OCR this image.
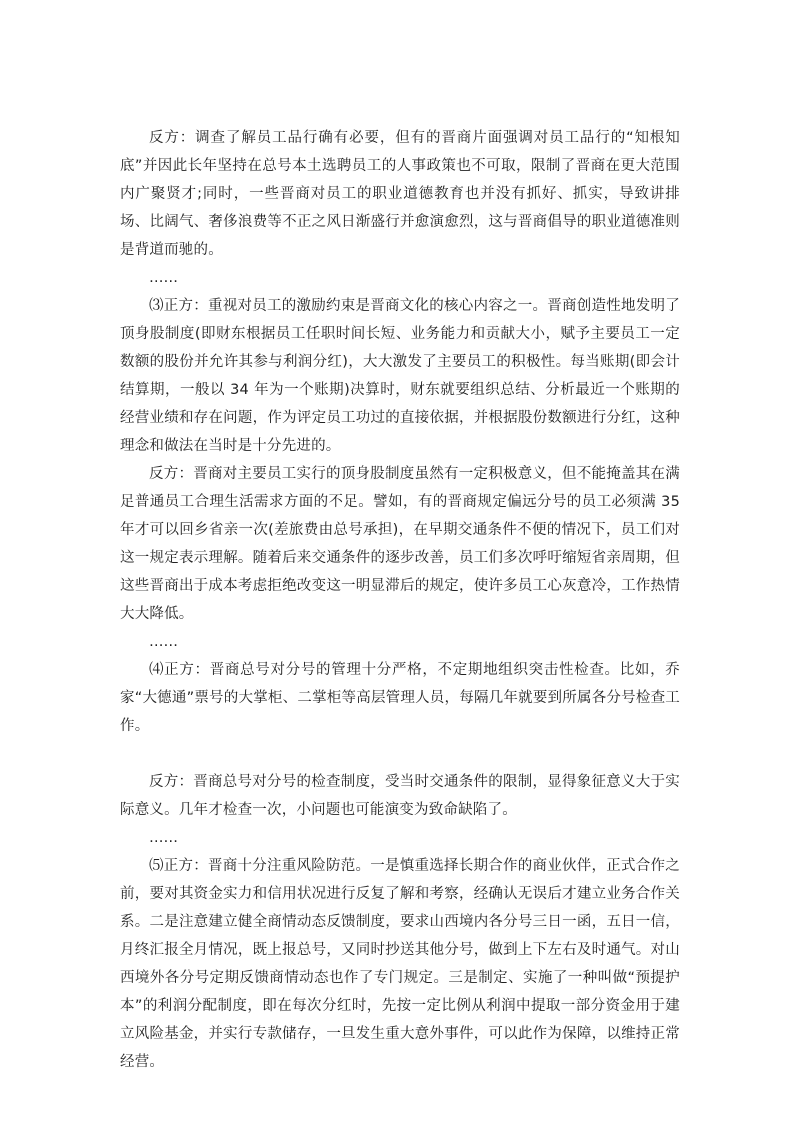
反方：调查了解员工品行确有必要，但有的晋商片面强调对员工品行的“知根知底”并因此长年坚持在总号本土选聘员工的人事政策也不可取，限制了晋商在更大范围内广聚贤才;同时，一些晋商对员工的职业道德教育也并没有抓好、抓实，导致讲排场、比阔气、奢侈浪费等不正之风日渐盛行并愈演愈烈，这与晋商倡导的职业道德准则是背道而驰的。

……

⑶正方：重视对员工的激励约束是晋商文化的核心内容之一。晋商创造性地发明了顶身股制度(即财东根据员工任职时间长短、业务能力和贡献大小，赋予主要员工一定数额的股份并允许其参与利润分红)，大大激发了主要员工的积极性。每当账期(即会计结算期，一般以 34 年为一个账期)决算时，财东就要组织总结、分析最近一个账期的经营业绩和存在问题，作为评定员工功过的直接依据，并根据股份数额进行分红，这种理念和做法在当时是十分先进的。

反方：晋商对主要员工实行的顶身股制度虽然有一定积极意义，但不能掩盖其在满足普通员工合理生活需求方面的不足。譬如，有的晋商规定偏远分号的员工必须满 35 年才可以回乡省亲一次(差旅费由总号承担)，在早期交通条件不便的情况下，员工们对这一规定表示理解。随着后来交通条件的逐步改善，员工们多次呼吁缩短省亲周期，但这些晋商出于成本考虑拒绝改变这一明显滞后的规定，使许多员工心灰意冷，工作热情大大降低。

……

⑷正方：晋商总号对分号的管理十分严格，不定期地组织突击性检查。比如，乔家“大德通”票号的大掌柜、二掌柜等高层管理人员，每隔几年就要到所属各分号检查工作。

反方：晋商总号对分号的检查制度，受当时交通条件的限制，显得象征意义大于实际意义。几年才检查一次，小问题也可能演变为致命缺陷了。

……

⑸正方：晋商十分注重风险防范。一是慎重选择长期合作的商业伙伴，正式合作之前，要对其资金实力和信用状况进行反复了解和考察，经确认无误后才建立业务合作关系。二是注意建立健全商情动态反馈制度，要求山西境内各分号三日一函，五日一信，月终汇报全月情况，既上报总号，又同时抄送其他分号，做到上下左右及时通气。对山西境外各分号定期反馈商情动态也作了专门规定。三是制定、实施了一种叫做“预提护本”的利润分配制度，即在每次分红时，先按一定比例从利润中提取一部分资金用于建立风险基金，并实行专款储存，一旦发生重大意外事件，可以此作为保障，以维持正常经营。
